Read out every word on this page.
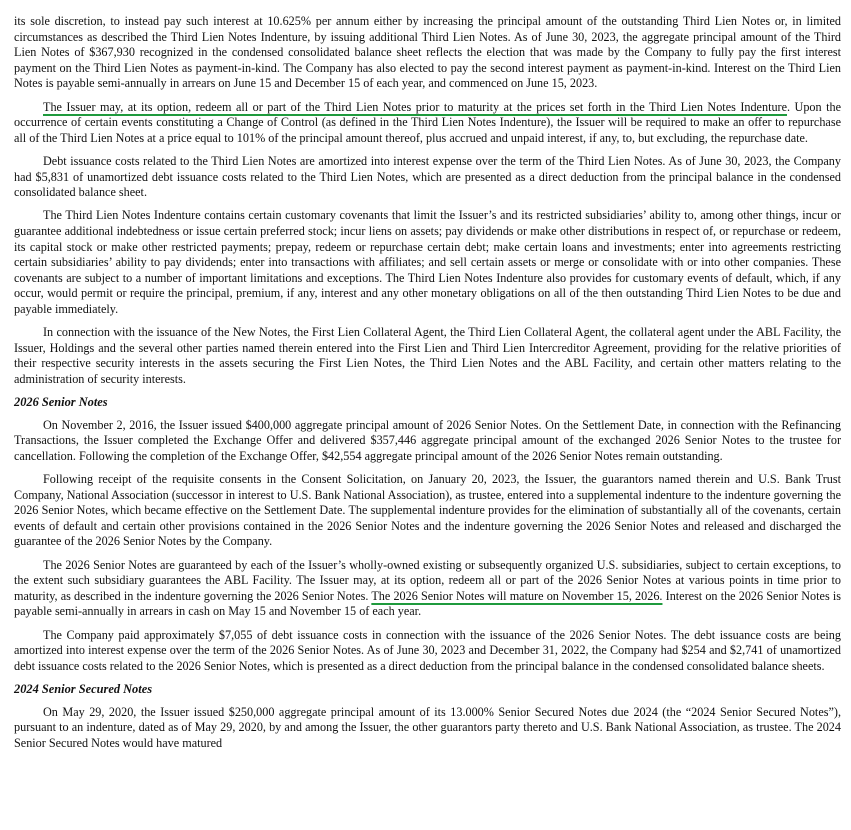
its sole discretion, to instead pay such interest at 10.625% per annum either by increasing the principal amount of the outstanding Third Lien Notes or, in limited circumstances as described the Third Lien Notes Indenture, by issuing additional Third Lien Notes. As of June 30, 2023, the aggregate principal amount of the Third Lien Notes of $367,930 recognized in the condensed consolidated balance sheet reflects the election that was made by the Company to fully pay the first interest payment on the Third Lien Notes as payment-in-kind. The Company has also elected to pay the second interest payment as payment-in-kind. Interest on the Third Lien Notes is payable semi-annually in arrears on June 15 and December 15 of each year, and commenced on June 15, 2023.

The Issuer may, at its option, redeem all or part of the Third Lien Notes prior to maturity at the prices set forth in the Third Lien Notes Indenture. Upon the occurrence of certain events constituting a Change of Control (as defined in the Third Lien Notes Indenture), the Issuer will be required to make an offer to repurchase all of the Third Lien Notes at a price equal to 101% of the principal amount thereof, plus accrued and unpaid interest, if any, to, but excluding, the repurchase date.

Debt issuance costs related to the Third Lien Notes are amortized into interest expense over the term of the Third Lien Notes. As of June 30, 2023, the Company had $5,831 of unamortized debt issuance costs related to the Third Lien Notes, which are presented as a direct deduction from the principal balance in the condensed consolidated balance sheet.

The Third Lien Notes Indenture contains certain customary covenants that limit the Issuer’s and its restricted subsidiaries’ ability to, among other things, incur or guarantee additional indebtedness or issue certain preferred stock; incur liens on assets; pay dividends or make other distributions in respect of, or repurchase or redeem, its capital stock or make other restricted payments; prepay, redeem or repurchase certain debt; make certain loans and investments; enter into agreements restricting certain subsidiaries’ ability to pay dividends; enter into transactions with affiliates; and sell certain assets or merge or consolidate with or into other companies. These covenants are subject to a number of important limitations and exceptions. The Third Lien Notes Indenture also provides for customary events of default, which, if any occur, would permit or require the principal, premium, if any, interest and any other monetary obligations on all of the then outstanding Third Lien Notes to be due and payable immediately.

In connection with the issuance of the New Notes, the First Lien Collateral Agent, the Third Lien Collateral Agent, the collateral agent under the ABL Facility, the Issuer, Holdings and the several other parties named therein entered into the First Lien and Third Lien Intercreditor Agreement, providing for the relative priorities of their respective security interests in the assets securing the First Lien Notes, the Third Lien Notes and the ABL Facility, and certain other matters relating to the administration of security interests.

2026 Senior Notes

On November 2, 2016, the Issuer issued $400,000 aggregate principal amount of 2026 Senior Notes. On the Settlement Date, in connection with the Refinancing Transactions, the Issuer completed the Exchange Offer and delivered $357,446 aggregate principal amount of the exchanged 2026 Senior Notes to the trustee for cancellation. Following the completion of the Exchange Offer, $42,554 aggregate principal amount of the 2026 Senior Notes remain outstanding.

Following receipt of the requisite consents in the Consent Solicitation, on January 20, 2023, the Issuer, the guarantors named therein and U.S. Bank Trust Company, National Association (successor in interest to U.S. Bank National Association), as trustee, entered into a supplemental indenture to the indenture governing the 2026 Senior Notes, which became effective on the Settlement Date. The supplemental indenture provides for the elimination of substantially all of the covenants, certain events of default and certain other provisions contained in the 2026 Senior Notes and the indenture governing the 2026 Senior Notes and released and discharged the guarantee of the 2026 Senior Notes by the Company.

The 2026 Senior Notes are guaranteed by each of the Issuer’s wholly-owned existing or subsequently organized U.S. subsidiaries, subject to certain exceptions, to the extent such subsidiary guarantees the ABL Facility. The Issuer may, at its option, redeem all or part of the 2026 Senior Notes at various points in time prior to maturity, as described in the indenture governing the 2026 Senior Notes. The 2026 Senior Notes will mature on November 15, 2026. Interest on the 2026 Senior Notes is payable semi-annually in arrears in cash on May 15 and November 15 of each year.

The Company paid approximately $7,055 of debt issuance costs in connection with the issuance of the 2026 Senior Notes. The debt issuance costs are being amortized into interest expense over the term of the 2026 Senior Notes. As of June 30, 2023 and December 31, 2022, the Company had $254 and $2,741 of unamortized debt issuance costs related to the 2026 Senior Notes, which is presented as a direct deduction from the principal balance in the condensed consolidated balance sheets.

2024 Senior Secured Notes

On May 29, 2020, the Issuer issued $250,000 aggregate principal amount of its 13.000% Senior Secured Notes due 2024 (the “2024 Senior Secured Notes”), pursuant to an indenture, dated as of May 29, 2020, by and among the Issuer, the other guarantors party thereto and U.S. Bank National Association, as trustee. The 2024 Senior Secured Notes would have matured
